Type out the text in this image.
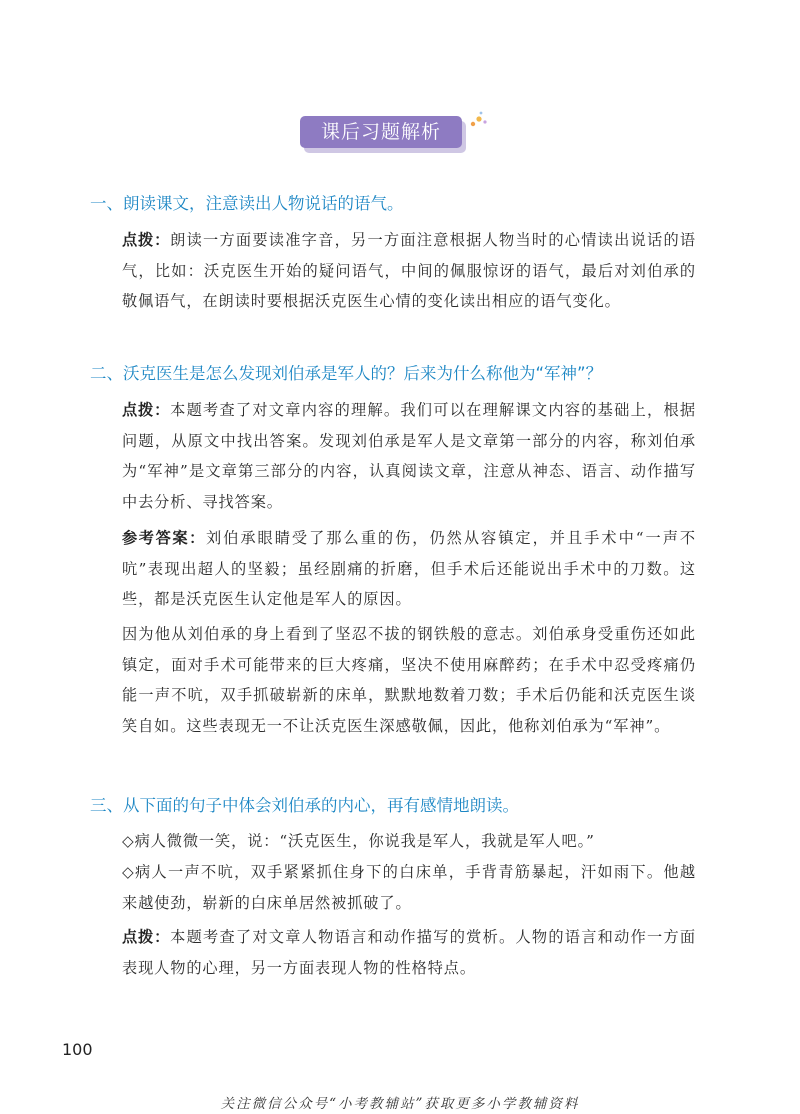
课后习题解析
一、朗读课文，注意读出人物说话的语气。
点拨：朗读一方面要读准字音，另一方面注意根据人物当时的心情读出说话的语气，比如：沃克医生开始的疑问语气，中间的佩服惊讶的语气，最后对刘伯承的敬佩语气，在朗读时要根据沃克医生心情的变化读出相应的语气变化。
二、沃克医生是怎么发现刘伯承是军人的？后来为什么称他为“军神”？
点拨：本题考查了对文章内容的理解。我们可以在理解课文内容的基础上，根据问题，从原文中找出答案。发现刘伯承是军人是文章第一部分的内容，称刘伯承为“军神”是文章第三部分的内容，认真阅读文章，注意从神态、语言、动作描写中去分析、寻找答案。
参考答案：刘伯承眼睛受了那么重的伤，仍然从容镇定，并且手术中“一声不吭”表现出超人的坚毅；虽经剧痛的折磨，但手术后还能说出手术中的刀数。这些，都是沃克医生认定他是军人的原因。
因为他从刘伯承的身上看到了坚忍不拔的钢铁般的意志。刘伯承身受重伤还如此镇定，面对手术可能带来的巨大疼痛，坚决不使用麻醉药；在手术中忍受疼痛仍能一声不吭，双手抓破崭新的床单，默默地数着刀数；手术后仍能和沃克医生谈笑自如。这些表现无一不让沃克医生深感敬佩，因此，他称刘伯承为“军神”。
三、从下面的句子中体会刘伯承的内心，再有感情地朗读。
◇病人微微一笑，说：“沃克医生，你说我是军人，我就是军人吧。”
◇病人一声不吭，双手紧紧抓住身下的白床单，手背青筋暴起，汗如雨下。他越来越使劲，崭新的白床单居然被抓破了。
点拨：本题考查了对文章人物语言和动作描写的赏析。人物的语言和动作一方面表现人物的心理，另一方面表现人物的性格特点。
100
关注微信公众号“小考教辅站”获取更多小学教辅资料
